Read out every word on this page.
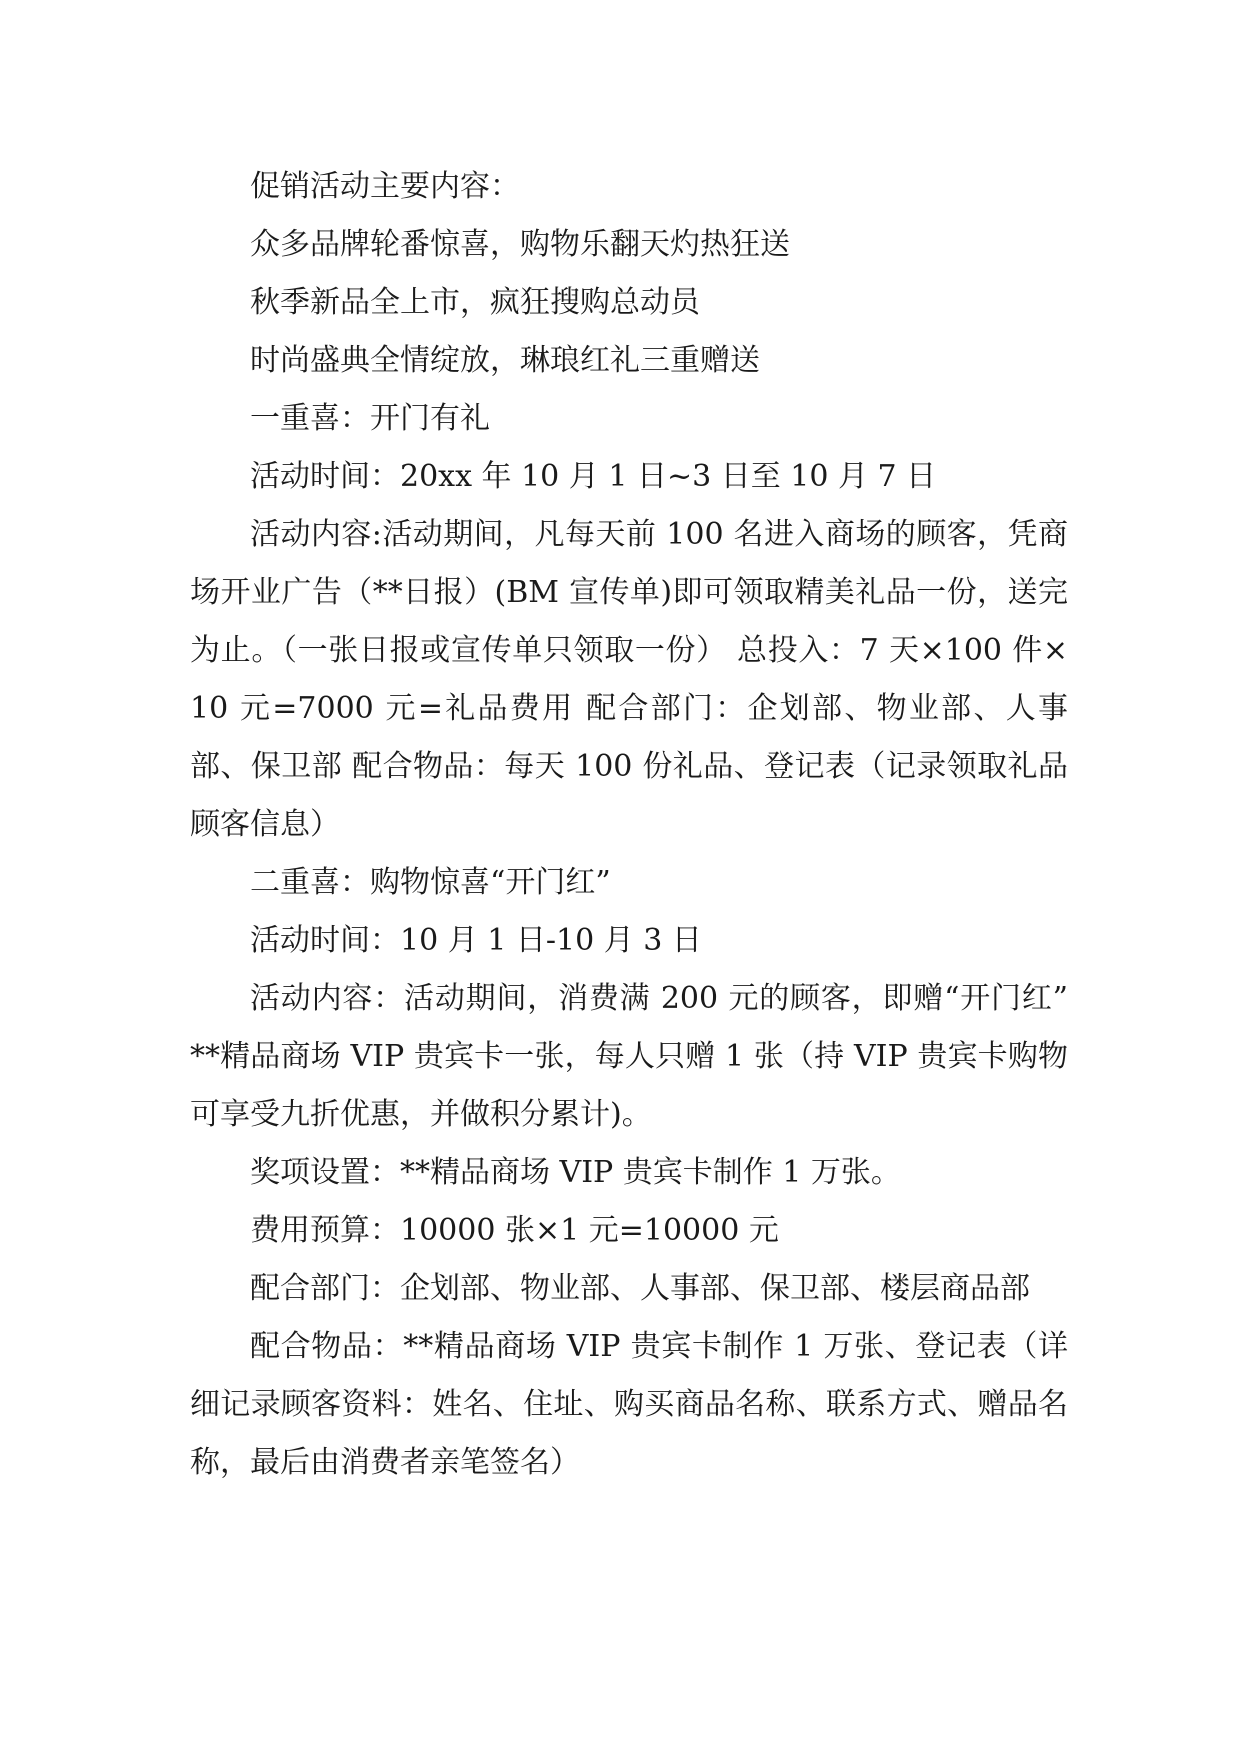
促销活动主要内容：

众多品牌轮番惊喜，购物乐翻天灼热狂送

秋季新品全上市，疯狂搜购总动员

时尚盛典全情绽放，琳琅红礼三重赠送

一重喜：开门有礼

活动时间：20xx 年 10 月 1 日~3 日至 10 月 7 日

活动内容:活动期间，凡每天前 100 名进入商场的顾客，凭商场开业广告（**日报）(BM 宣传单)即可领取精美礼品一份，送完为止。（一张日报或宣传单只领取一份） 总投入：7 天×100 件×10 元=7000 元=礼品费用 配合部门：企划部、物业部、人事部、保卫部 配合物品：每天 100 份礼品、登记表（记录领取礼品顾客信息）

二重喜：购物惊喜“开门红”

活动时间：10 月 1 日-10 月 3 日

活动内容：活动期间，消费满 200 元的顾客，即赠“开门红” **精品商场 VIP 贵宾卡一张，每人只赠 1 张（持 VIP 贵宾卡购物可享受九折优惠，并做积分累计)。

奖项设置：**精品商场 VIP 贵宾卡制作 1 万张。

费用预算：10000 张×1 元=10000 元

配合部门：企划部、物业部、人事部、保卫部、楼层商品部

配合物品：**精品商场 VIP 贵宾卡制作 1 万张、登记表（详细记录顾客资料：姓名、住址、购买商品名称、联系方式、赠品名称，最后由消费者亲笔签名）
